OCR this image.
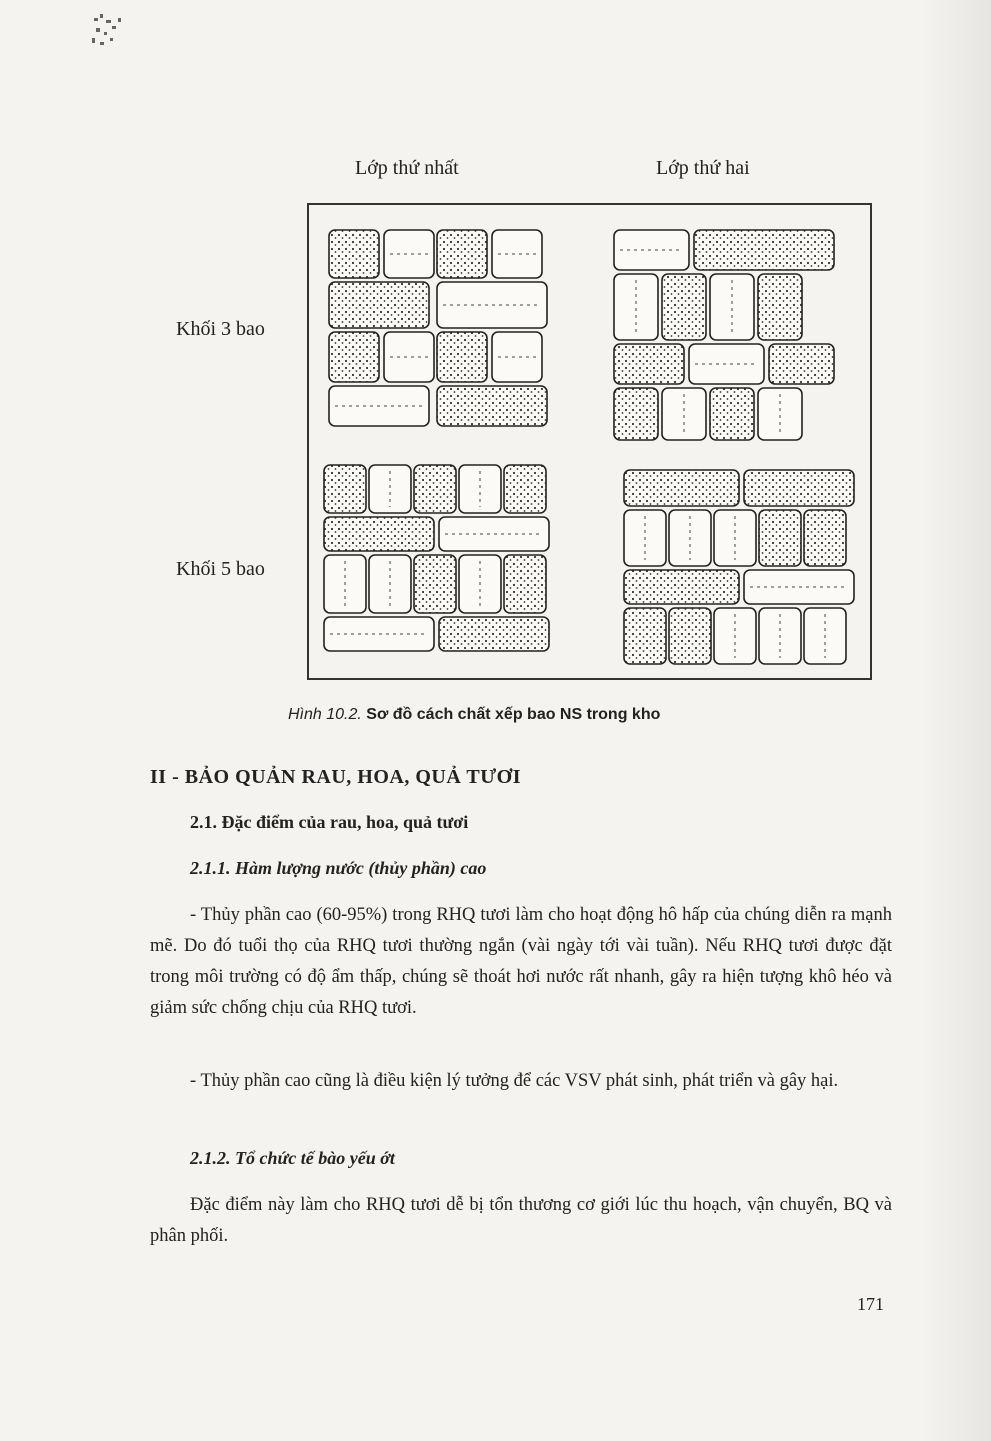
Lớp thứ nhất	Lớp thứ hai
Khối 3 bao
Khối 5 bao
Hình 10.2. Sơ đồ cách chất xếp bao NS trong kho
II - BẢO QUẢN RAU, HOA, QUẢ TƯƠI
2.1. Đặc điểm của rau, hoa, quả tươi
2.1.1. Hàm lượng nước (thủy phần) cao
- Thủy phần cao (60-95%) trong RHQ tươi làm cho hoạt động hô hấp của chúng diễn ra mạnh mẽ. Do đó tuổi thọ của RHQ tươi thường ngắn (vài ngày tới vài tuần). Nếu RHQ tươi được đặt trong môi trường có độ ẩm thấp, chúng sẽ thoát hơi nước rất nhanh, gây ra hiện tượng khô héo và giảm sức chống chịu của RHQ tươi.
- Thủy phần cao cũng là điều kiện lý tưởng để các VSV phát sinh, phát triển và gây hại.
2.1.2. Tổ chức tế bào yếu ớt
Đặc điểm này làm cho RHQ tươi dễ bị tổn thương cơ giới lúc thu hoạch, vận chuyển, BQ và phân phối.
171
